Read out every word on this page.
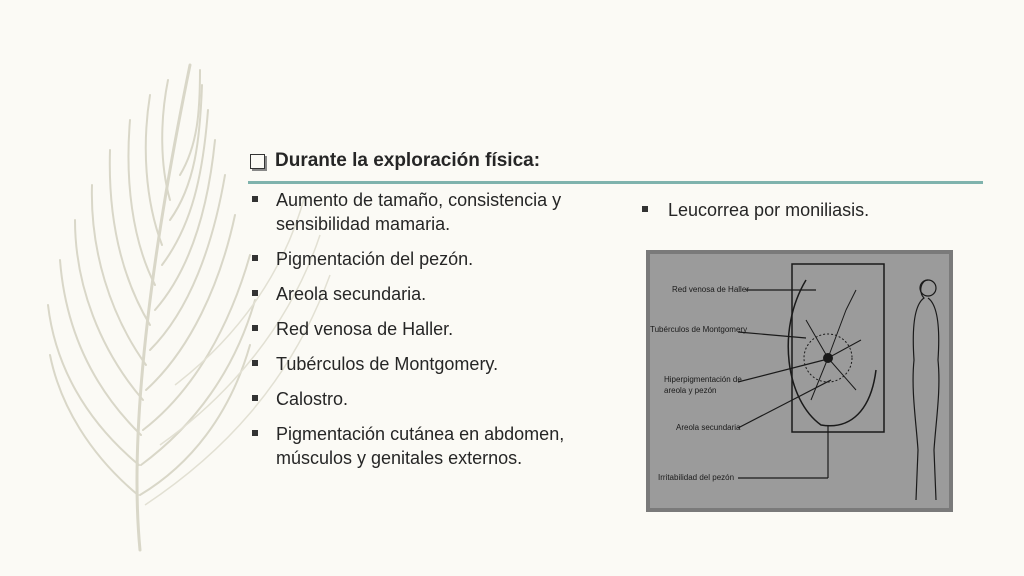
Durante la exploración física:
Aumento de tamaño, consistencia y sensibilidad mamaria.
Pigmentación del pezón.
Areola secundaria.
Red venosa de Haller.
Tubérculos de Montgomery.
Calostro.
Pigmentación cutánea en abdomen, músculos y genitales externos.
Leucorrea por moniliasis.
Red venosa de Haller
Tubérculos de Montgomery
Hiperpigmentación de
areola y pezón
Areola secundaria
Irritabilidad del pezón
